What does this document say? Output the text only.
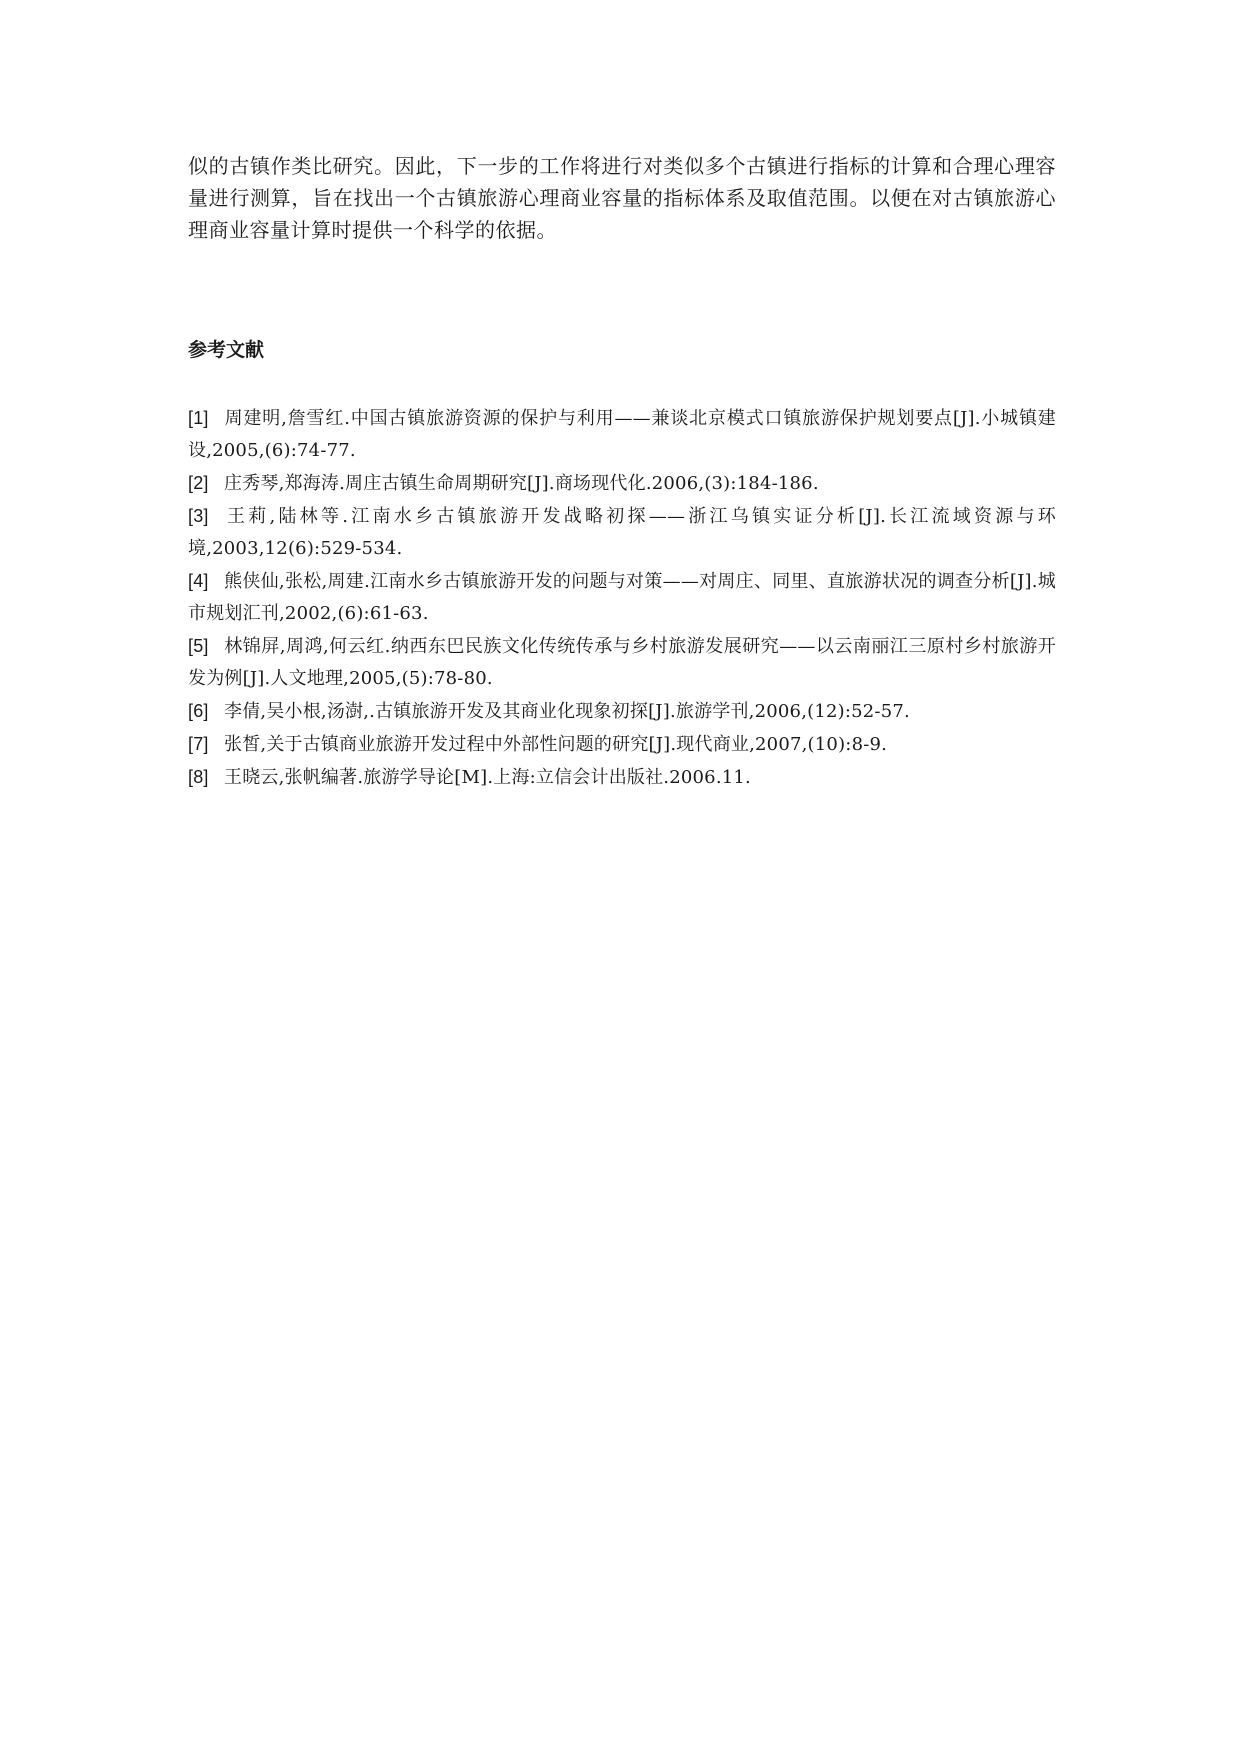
似的古镇作类比研究。因此，下一步的工作将进行对类似多个古镇进行指标的计算和合理心理容量进行测算，旨在找出一个古镇旅游心理商业容量的指标体系及取值范围。以便在对古镇旅游心理商业容量计算时提供一个科学的依据。

参考文献
[1] 周建明,詹雪红.中国古镇旅游资源的保护与利用——兼谈北京模式口镇旅游保护规划要点[J].小城镇建设,2005,(6):74-77.
[2] 庄秀琴,郑海涛.周庄古镇生命周期研究[J].商场现代化.2006,(3):184-186.
[3] 王莉,陆林等.江南水乡古镇旅游开发战略初探——浙江乌镇实证分析[J].长江流域资源与环境,2003,12(6):529-534.
[4] 熊侠仙,张松,周建.江南水乡古镇旅游开发的问题与对策——对周庄、同里、直旅游状况的调查分析[J].城市规划汇刊,2002,(6):61-63.
[5] 林锦屏,周鸿,何云红.纳西东巴民族文化传统传承与乡村旅游发展研究——以云南丽江三原村乡村旅游开发为例[J].人文地理,2005,(5):78-80.
[6] 李倩,吴小根,汤澍,.古镇旅游开发及其商业化现象初探[J].旅游学刊,2006,(12):52-57.
[7] 张皙,关于古镇商业旅游开发过程中外部性问题的研究[J].现代商业,2007,(10):8-9.
[8] 王晓云,张帆编著.旅游学导论[M].上海:立信会计出版社.2006.11.
